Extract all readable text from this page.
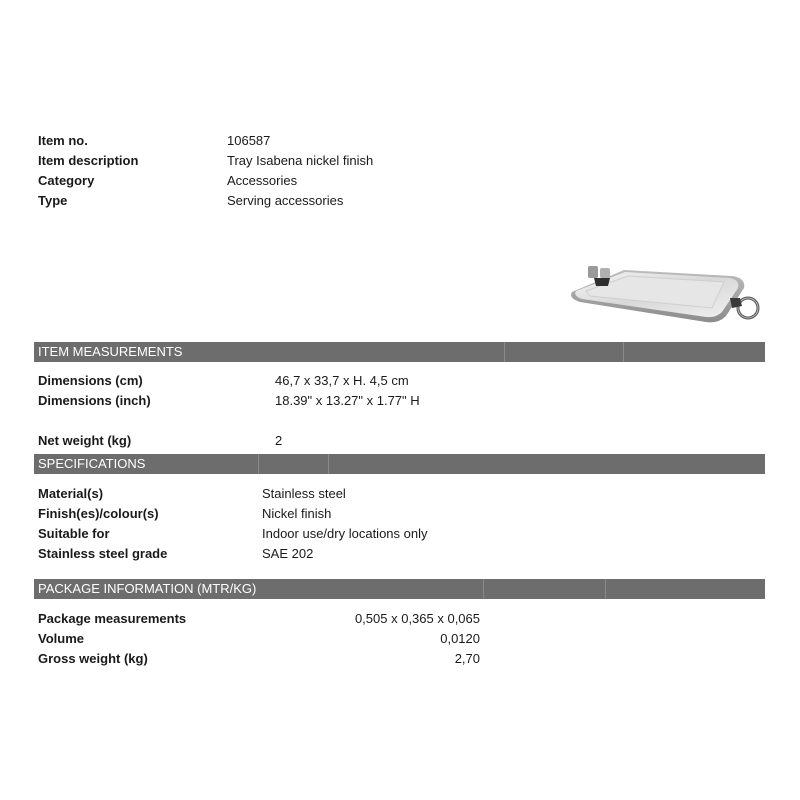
Item no.	106587
Item description	Tray Isabena nickel finish
Category	Accessories
Type	Serving accessories
ITEM MEASUREMENTS
Dimensions (cm)	46,7 x 33,7 x H. 4,5 cm
Dimensions (inch)	18.39" x 13.27" x 1.77" H
Net weight (kg)	2
SPECIFICATIONS
Material(s)	Stainless steel
Finish(es)/colour(s)	Nickel finish
Suitable for	Indoor use/dry locations only
Stainless steel grade	SAE 202
PACKAGE INFORMATION (MTR/KG)
Package measurements	0,505 x 0,365 x 0,065
Volume	0,0120
Gross weight (kg)	2,70
